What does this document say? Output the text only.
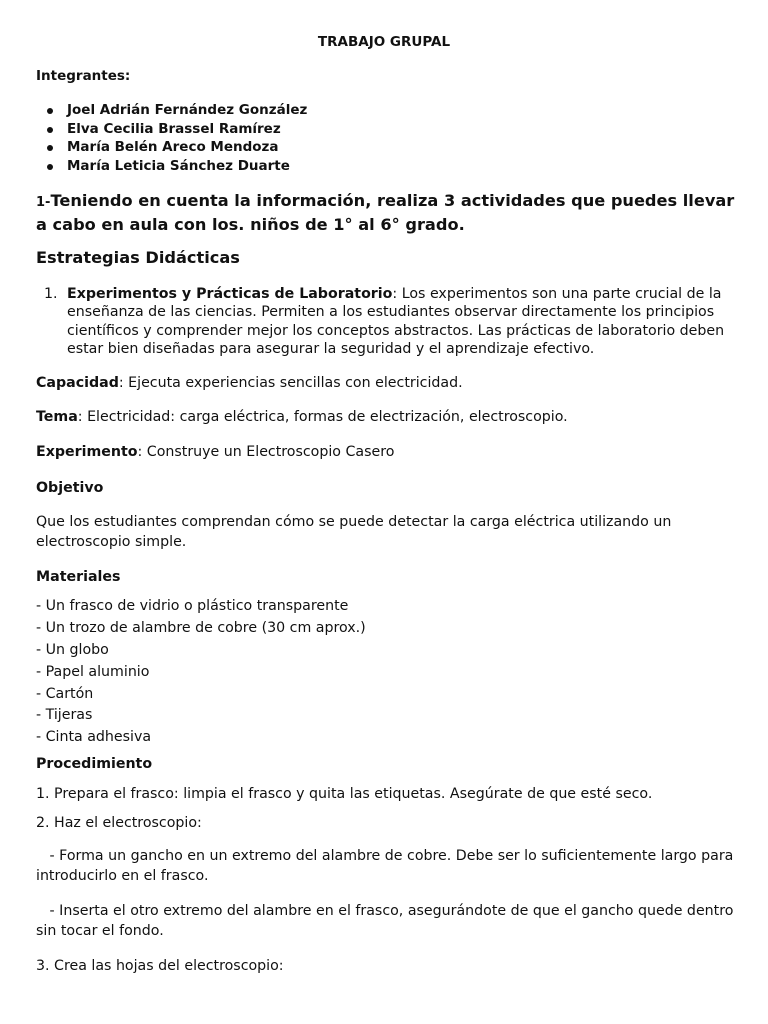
TRABAJO GRUPAL
Integrantes:
Joel Adrián Fernández González
Elva Cecilia Brassel Ramírez
María Belén Areco Mendoza
María Leticia Sánchez Duarte
1-Teniendo en cuenta la información, realiza 3 actividades que puedes llevar a cabo en aula con los. niños de 1° al 6° grado.
Estrategias Didácticas
1. Experimentos y Prácticas de Laboratorio: Los experimentos son una parte crucial de la enseñanza de las ciencias. Permiten a los estudiantes observar directamente los principios científicos y comprender mejor los conceptos abstractos. Las prácticas de laboratorio deben estar bien diseñadas para asegurar la seguridad y el aprendizaje efectivo.
Capacidad: Ejecuta experiencias sencillas con electricidad.
Tema: Electricidad: carga eléctrica, formas de electrización, electroscopio.
Experimento: Construye un Electroscopio Casero
Objetivo
Que los estudiantes comprendan cómo se puede detectar la carga eléctrica utilizando un electroscopio simple.
Materiales
- Un frasco de vidrio o plástico transparente
- Un trozo de alambre de cobre (30 cm aprox.)
- Un globo
- Papel aluminio
- Cartón
- Tijeras
- Cinta adhesiva
Procedimiento
1. Prepara el frasco: limpia el frasco y quita las etiquetas. Asegúrate de que esté seco.
2. Haz el electroscopio:
- Forma un gancho en un extremo del alambre de cobre. Debe ser lo suficientemente largo para introducirlo en el frasco.
- Inserta el otro extremo del alambre en el frasco, asegurándote de que el gancho quede dentro sin tocar el fondo.
3. Crea las hojas del electroscopio:
